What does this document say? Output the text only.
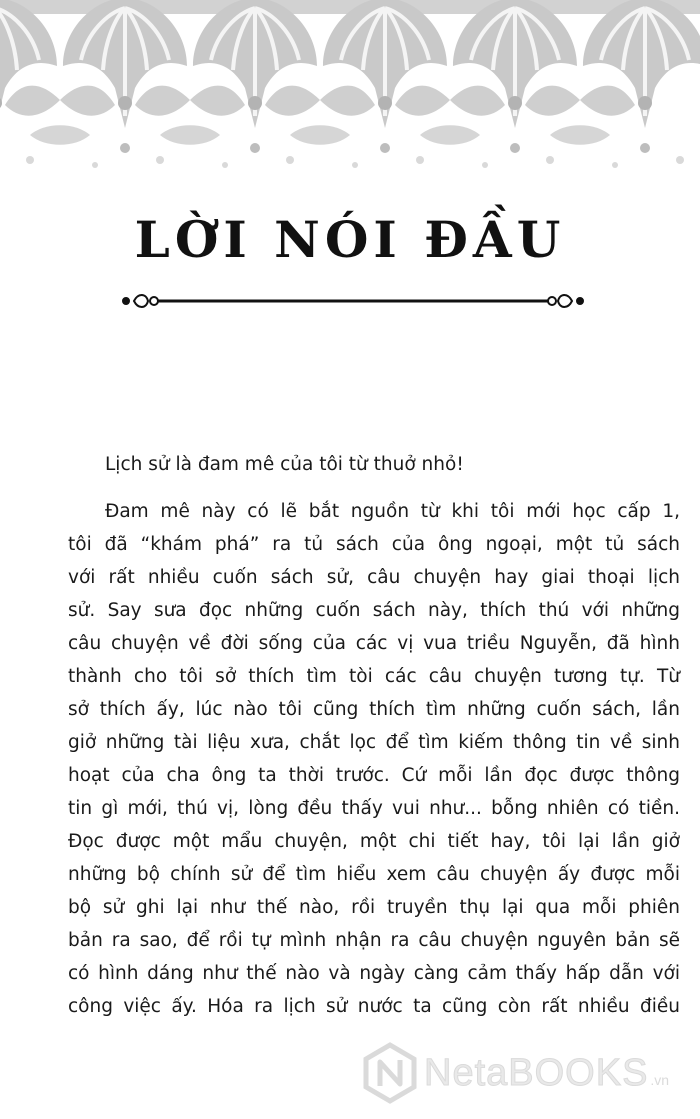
LỜI NÓI ĐẦU
Lịch sử là đam mê của tôi từ thuở nhỏ!
Đam mê này có lẽ bắt nguồn từ khi tôi mới học cấp 1,
tôi đã “khám phá” ra tủ sách của ông ngoại, một tủ sách
với rất nhiều cuốn sách sử, câu chuyện hay giai thoại lịch
sử. Say sưa đọc những cuốn sách này, thích thú với những
câu chuyện về đời sống của các vị vua triều Nguyễn, đã hình
thành cho tôi sở thích tìm tòi các câu chuyện tương tự. Từ
sở thích ấy, lúc nào tôi cũng thích tìm những cuốn sách, lần
giở những tài liệu xưa, chắt lọc để tìm kiếm thông tin về sinh
hoạt của cha ông ta thời trước. Cứ mỗi lần đọc được thông
tin gì mới, thú vị, lòng đều thấy vui như... bỗng nhiên có tiền.
Đọc được một mẩu chuyện, một chi tiết hay, tôi lại lần giở
những bộ chính sử để tìm hiểu xem câu chuyện ấy được mỗi
bộ sử ghi lại như thế nào, rồi truyền thụ lại qua mỗi phiên
bản ra sao, để rồi tự mình nhận ra câu chuyện nguyên bản sẽ
có hình dáng như thế nào và ngày càng cảm thấy hấp dẫn với
công việc ấy. Hóa ra lịch sử nước ta cũng còn rất nhiều điều
NetaBOOKS .vn
